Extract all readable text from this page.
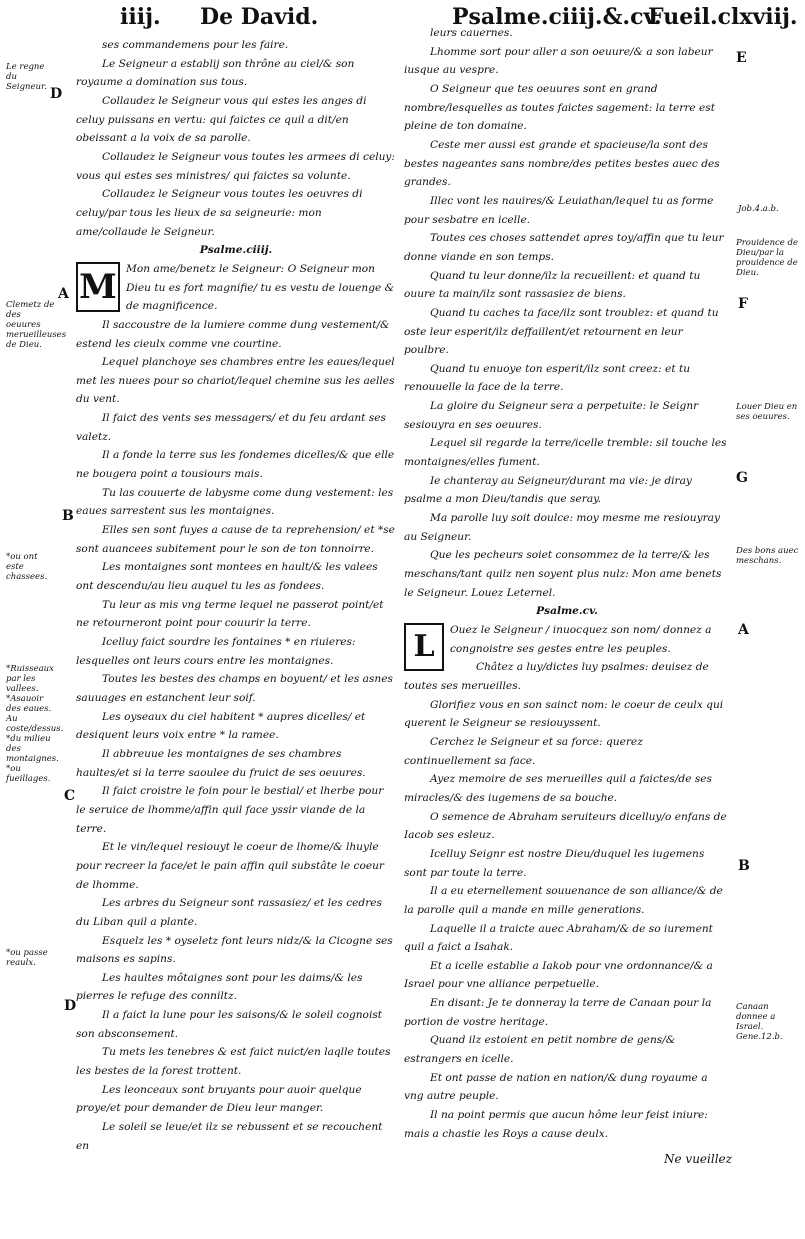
iiij. De David.	Psalme.ciiij.&.cv.
Fueil.clxviij.
Le regne du Seigneur.
Clemetz de des oeuures merueilleuses de Dieu.
*ou ont este chassees.
*Ruisseaux par les vallees.
*Asauoir des eaues. Au coste/dessus. *du milieu des montaignes. *ou fueillages.
*ou passe reaulx.
D
A
B
C
D

ses commandemens pour les faire.

Le Seigneur a establij son thrône au ciel/& son royaume a domination sus tous.

Collaudez le Seigneur vous qui estes les anges di celuy puissans en vertu: qui faictes ce quil a dit/en obeissant a la voix de sa parolle.

Collaudez le Seigneur vous toutes les armees di celuy: vous qui estes ses ministres/ qui faictes sa volunte.

Collaudez le Seigneur vous toutes les oeuvres di celuy/par tous les lieux de sa seigneurie: mon ame/collaude le Seigneur.

Psalme.ciiij.

M Mon ame/benetz le Seigneur: O Seigneur mon Dieu tu es fort magnifie/ tu es vestu de louenge & de magnificence.

Il saccoustre de la lumiere comme dung vestement/& estend les cieulx comme vne courtine.

Lequel planchoye ses chambres entre les eaues/lequel met les nuees pour so chariot/lequel chemine sus les aelles du vent.

Il faict des vents ses messagers/ et du feu ardant ses valetz.

Il a fonde la terre sus les fondemes dicelles/& que elle ne bougera point a tousiours mais.

Tu las couuerte de labysme come dung vestement: les eaues sarrestent sus les montaignes.

Elles sen sont fuyes a cause de ta reprehension/ et *se sont auancees subitement pour le son de ton tonnoirre.

Les montaignes sont montees en hault/& les valees ont descendu/au lieu auquel tu les as fondees.

Tu leur as mis vng terme lequel ne passerot point/et ne retourneront point pour couurir la terre.

Icelluy faict sourdre les fontaines * en riuieres: lesquelles ont leurs cours entre les montaignes.

Toutes les bestes des champs en boyuent/ et les asnes sauuages en estanchent leur soif.

Les oyseaux du ciel habitent * aupres dicelles/ et desiquent leurs voix entre * la ramee.

Il abbreuue les montaignes de ses chambres haultes/et si la terre saoulee du fruict de ses oeuures.

Il faict croistre le foin pour le bestial/ et lherbe pour le seruice de lhomme/affin quil face yssir viande de la terre.

Et le vin/lequel resiouyt le coeur de lhome/& lhuyle pour recreer la face/et le pain affin quil substâte le coeur de lhomme.

Les arbres du Seigneur sont rassasiez/ et les cedres du Liban quil a plante.

Esquelz les * oyseletz font leurs nidz/& la Cicogne ses maisons es sapins.

Les haultes môtaignes sont pour les daims/& les pierres le refuge des conniltz.

Il a faict la lune pour les saisons/& le soleil cognoist son absconsement.

Tu mets les tenebres & est faict nuict/en laqlle toutes les bestes de la forest trottent.

Les leonceaux sont bruyants pour auoir quelque proye/et pour demander de Dieu leur manger.

Le soleil se leue/et ilz se rebussent et se recouchent en

leurs cauernes.

Lhomme sort pour aller a son oeuure/& a son labeur iusque au vespre.

O Seigneur que tes oeuures sont en grand nombre/lesquelles as toutes faictes sagement: la terre est pleine de ton domaine.

Ceste mer aussi est grande et spacieuse/la sont des bestes nageantes sans nombre/des petites bestes auec des grandes.

Illec vont les nauires/& Leuiathan/lequel tu as forme pour sesbatre en icelle.

Toutes ces choses sattendet apres toy/affin que tu leur donne viande en son temps.

Quand tu leur donne/ilz la recueillent: et quand tu ouure ta main/ilz sont rassasiez de biens.

Quand tu caches ta face/ilz sont troublez: et quand tu oste leur esperit/ilz deffaillent/et retournent en leur poulbre.

Quand tu enuoye ton esperit/ilz sont creez: et tu renouuelle la face de la terre.

La gloire du Seigneur sera a perpetuite: le Seignr sesiouyra en ses oeuures.

Lequel sil regarde la terre/icelle tremble: sil touche les montaignes/elles fument.

Ie chanteray au Seigneur/durant ma vie: je diray psalme a mon Dieu/tandis que seray.

Ma parolle luy soit doulce: moy mesme me resiouyray au Seigneur.

Que les pecheurs soiet consommez de la terre/& les meschans/tant quilz nen soyent plus nulz: Mon ame benets le Seigneur. Louez Leternel.

Psalme.cv.

L	Ouez le Seigneur / inuocquez son nom/ donnez a congnoistre ses gestes entre les peuples.

Châtez a luy/dictes luy psalmes: deuisez de toutes ses merueilles.

Glorifiez vous en son sainct nom: le coeur de ceulx qui querent le Seigneur se resiouyssent.

Cerchez le Seigneur et sa force: querez continuellement sa face.

Ayez memoire de ses merueilles quil a faictes/de ses miracles/& des iugemens de sa bouche.

O semence de Abraham seruiteurs dicelluy/o enfans de Iacob ses esleuz.

Icelluy Seignr est nostre Dieu/duquel les iugemens sont par toute la terre.

Il a eu eternellement souuenance de son alliance/& de la parolle quil a mande en mille generations.

Laquelle il a traicte auec Abraham/& de so iurement quil a faict a Isahak.

Et a icelle establie a Iakob pour vne ordonnance/& a Israel pour vne alliance perpetuelle.

En disant: Je te donneray la terre de Canaan pour la portion de vostre heritage.

Quand ilz estoient en petit nombre de gens/& estrangers en icelle.

Et ont passe de nation en nation/& dung royaume a vng autre peuple.

Il na point permis que aucun hôme leur feist iniure: mais a chastie les Roys a cause deulx.

Job.4.a.b.
Prouidence de Dieu/par la prouidence de Dieu.
Louer Dieu en ses oeuures.
Des bons auec meschans.
Canaan donnee a Israel. Gene.12.b.
E
F
G
A
B
Ne vueillez
